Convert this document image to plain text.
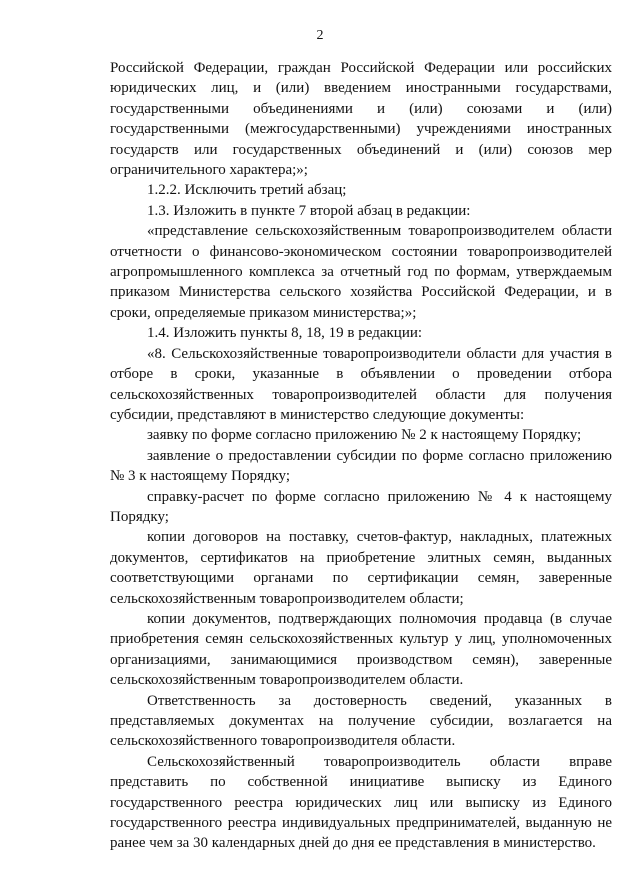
2

Российской Федерации, граждан Российской Федерации или российских юридических лиц, и (или) введением иностранными государствами, государственными объединениями и (или) союзами и (или) государственными (межгосударственными) учреждениями иностранных государств или государственных объединений и (или) союзов мер ограничительного характера;»;

1.2.2. Исключить третий абзац;

1.3. Изложить в пункте 7 второй абзац в редакции:

«представление сельскохозяйственным товаропроизводителем области отчетности о финансово-экономическом состоянии товаропроизводителей агропромышленного комплекса за отчетный год по формам, утверждаемым приказом Министерства сельского хозяйства Российской Федерации, и в сроки, определяемые приказом министерства;»;

1.4. Изложить пункты 8, 18, 19 в редакции:

«8. Сельскохозяйственные товаропроизводители области для участия в отборе в сроки, указанные в объявлении о проведении отбора сельскохозяйственных товаропроизводителей области для получения субсидии, представляют в министерство следующие документы:

заявку по форме согласно приложению № 2 к настоящему Порядку;

заявление о предоставлении субсидии по форме согласно приложению № 3 к настоящему Порядку;

справку-расчет по форме согласно приложению № 4 к настоящему Порядку;

копии договоров на поставку, счетов-фактур, накладных, платежных документов, сертификатов на приобретение элитных семян, выданных соответствующими органами по сертификации семян, заверенные сельскохозяйственным товаропроизводителем области;

копии документов, подтверждающих полномочия продавца (в случае приобретения семян сельскохозяйственных культур у лиц, уполномоченных организациями, занимающимися производством семян), заверенные сельскохозяйственным товаропроизводителем области.

Ответственность за достоверность сведений, указанных в представляемых документах на получение субсидии, возлагается на сельскохозяйственного товаропроизводителя области.

Сельскохозяйственный товаропроизводитель области вправе представить по собственной инициативе выписку из Единого государственного реестра юридических лиц или выписку из Единого государственного реестра индивидуальных предпринимателей, выданную не ранее чем за 30 календарных дней до дня ее представления в министерство.
